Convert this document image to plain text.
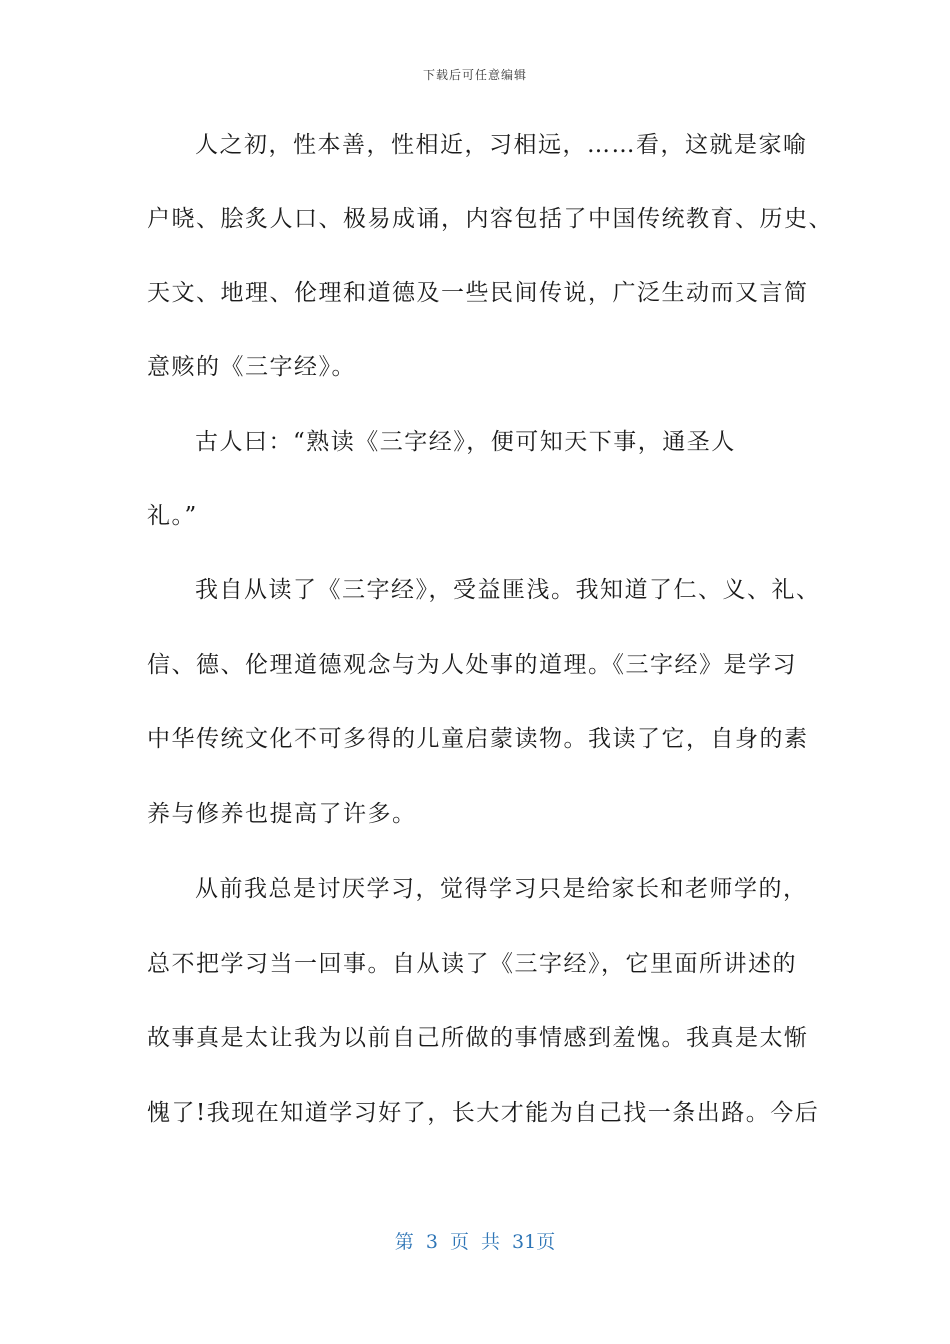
下载后可任意编辑
人之初，性本善，性相近，习相远，……看，这就是家喻
户晓、脍炙人口、极易成诵，内容包括了中国传统教育、历史、
天文、地理、伦理和道德及一些民间传说，广泛生动而又言简
意赅的《三字经》。
古人曰：“熟读《三字经》，便可知天下事，通圣人
礼。”
我自从读了《三字经》，受益匪浅。我知道了仁、义、礼、
信、德、伦理道德观念与为人处事的道理。《三字经》是学习
中华传统文化不可多得的儿童启蒙读物。我读了它，自身的素
养与修养也提高了许多。
从前我总是讨厌学习，觉得学习只是给家长和老师学的，
总不把学习当一回事。自从读了《三字经》，它里面所讲述的
故事真是太让我为以前自己所做的事情感到羞愧。我真是太惭
愧了!我现在知道学习好了，长大才能为自己找一条出路。今后
第 3 页 共 31页
